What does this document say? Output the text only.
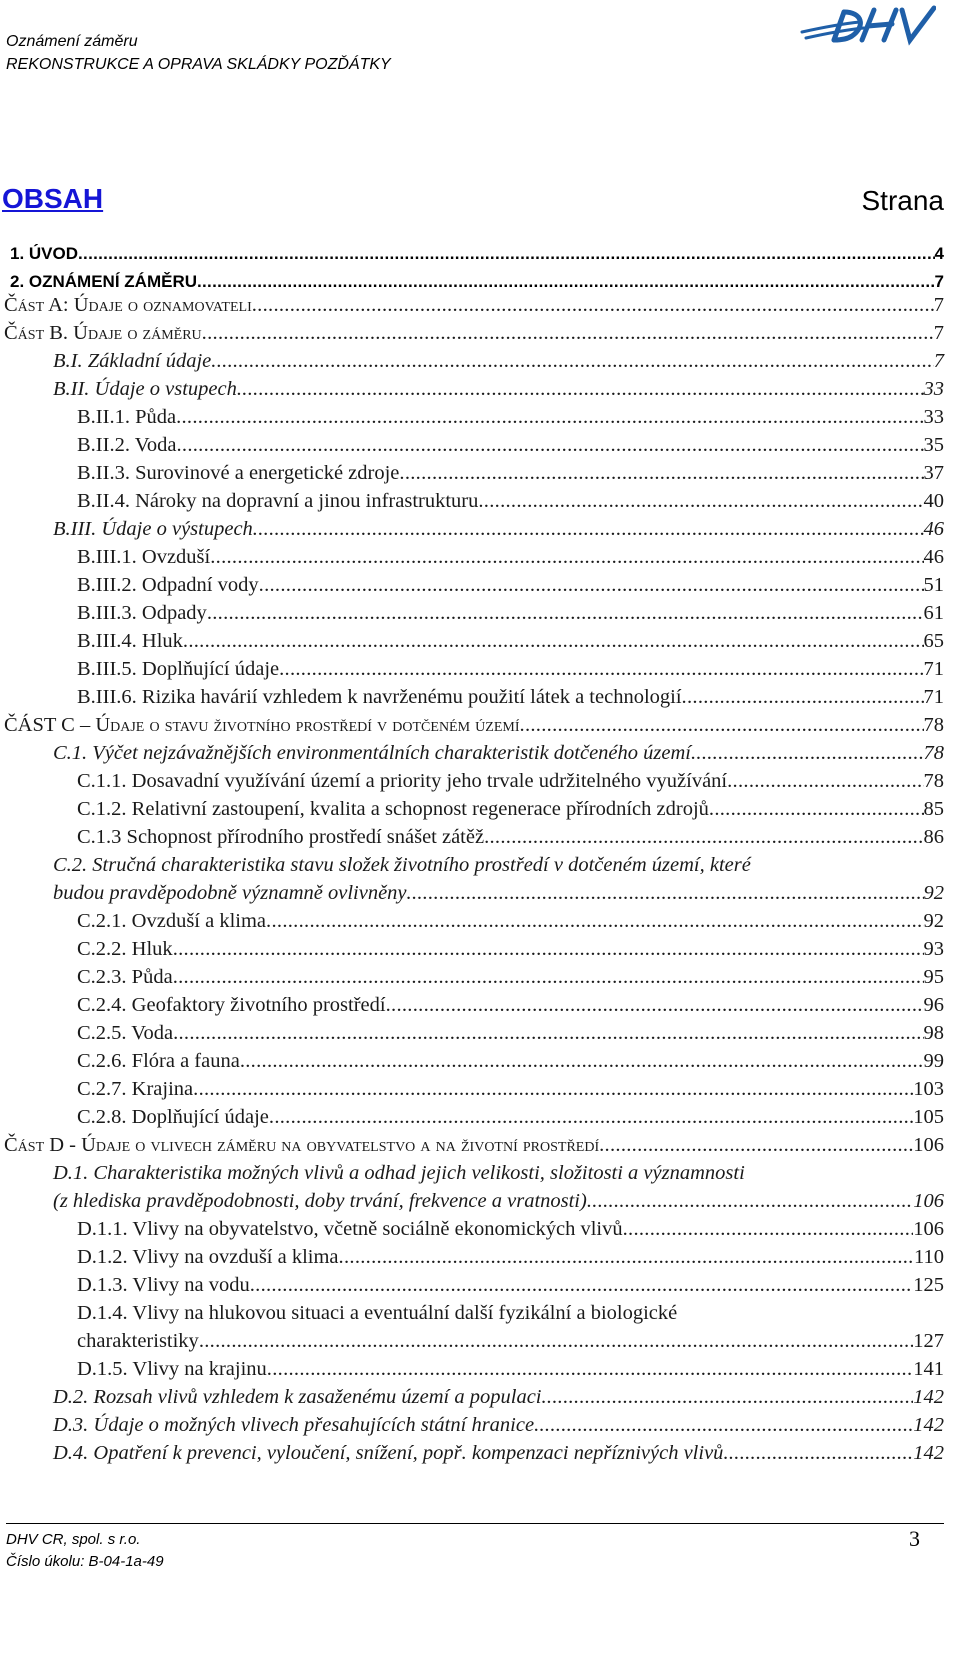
Oznámení záměru
REKONSTRUKCE A OPRAVA SKLÁDKY POZĎÁTKY
OBSAH	Strana
1. ÚVOD .....	4
2. OZNÁMENÍ ZÁMĚRU .....	7
Část A: Údaje o oznamovateli .....	7
Část B. Údaje o záměru .....	7
B.I. Základní údaje .....	7
B.II. Údaje o vstupech .....	33
B.II.1. Půda .....	33
B.II.2. Voda .....	35
B.II.3. Surovinové a energetické zdroje .....	37
B.II.4. Nároky na dopravní a jinou infrastrukturu .....	40
B.III. Údaje o výstupech .....	46
B.III.1. Ovzduší .....	46
B.III.2. Odpadní vody .....	51
B.III.3. Odpady .....	61
B.III.4. Hluk .....	65
B.III.5. Doplňující údaje .....	71
B.III.6. Rizika havárií vzhledem k navrženému použití látek a technologií .....	71
ČÁST C – Údaje o stavu životního prostředí v dotčeném území .....	78
C.1. Výčet nejzávažnějších environmentálních charakteristik dotčeného území .....	78
C.1.1. Dosavadní využívání území a priority jeho trvale udržitelného využívání .....	78
C.1.2. Relativní zastoupení, kvalita a schopnost regenerace přírodních zdrojů .....	85
C.1.3 Schopnost přírodního prostředí snášet zátěž .....	86
C.2. Stručná charakteristika stavu složek životního prostředí v dotčeném území, které
budou pravděpodobně významně ovlivněny .....	92
C.2.1. Ovzduší a klima .....	92
C.2.2. Hluk .....	93
C.2.3. Půda .....	95
C.2.4. Geofaktory životního prostředí .....	96
C.2.5. Voda .....	98
C.2.6. Flóra a fauna .....	99
C.2.7. Krajina .....	103
C.2.8. Doplňující údaje .....	105
Část D - Údaje o vlivech záměru na obyvatelstvo a na životní prostředí .....	106
D.1. Charakteristika možných vlivů a odhad jejich velikosti, složitosti a významnosti
(z hlediska pravděpodobnosti, doby trvání, frekvence a vratnosti) .....	106
D.1.1. Vlivy na obyvatelstvo, včetně sociálně ekonomických vlivů .....	106
D.1.2. Vlivy na ovzduší a klima .....	110
D.1.3. Vlivy na vodu .....	125
D.1.4. Vlivy na hlukovou situaci a eventuální další fyzikální a biologické
charakteristiky .....	127
D.1.5. Vlivy na krajinu .....	141
D.2. Rozsah vlivů vzhledem k zasaženému území a populaci .....	142
D.3. Údaje o možných vlivech přesahujících státní hranice .....	142
D.4. Opatření k prevenci, vyloučení, snížení, popř. kompenzaci nepříznivých vlivů .....	142
DHV CR, spol. s r.o.
Číslo úkolu: B-04-1a-49
3
